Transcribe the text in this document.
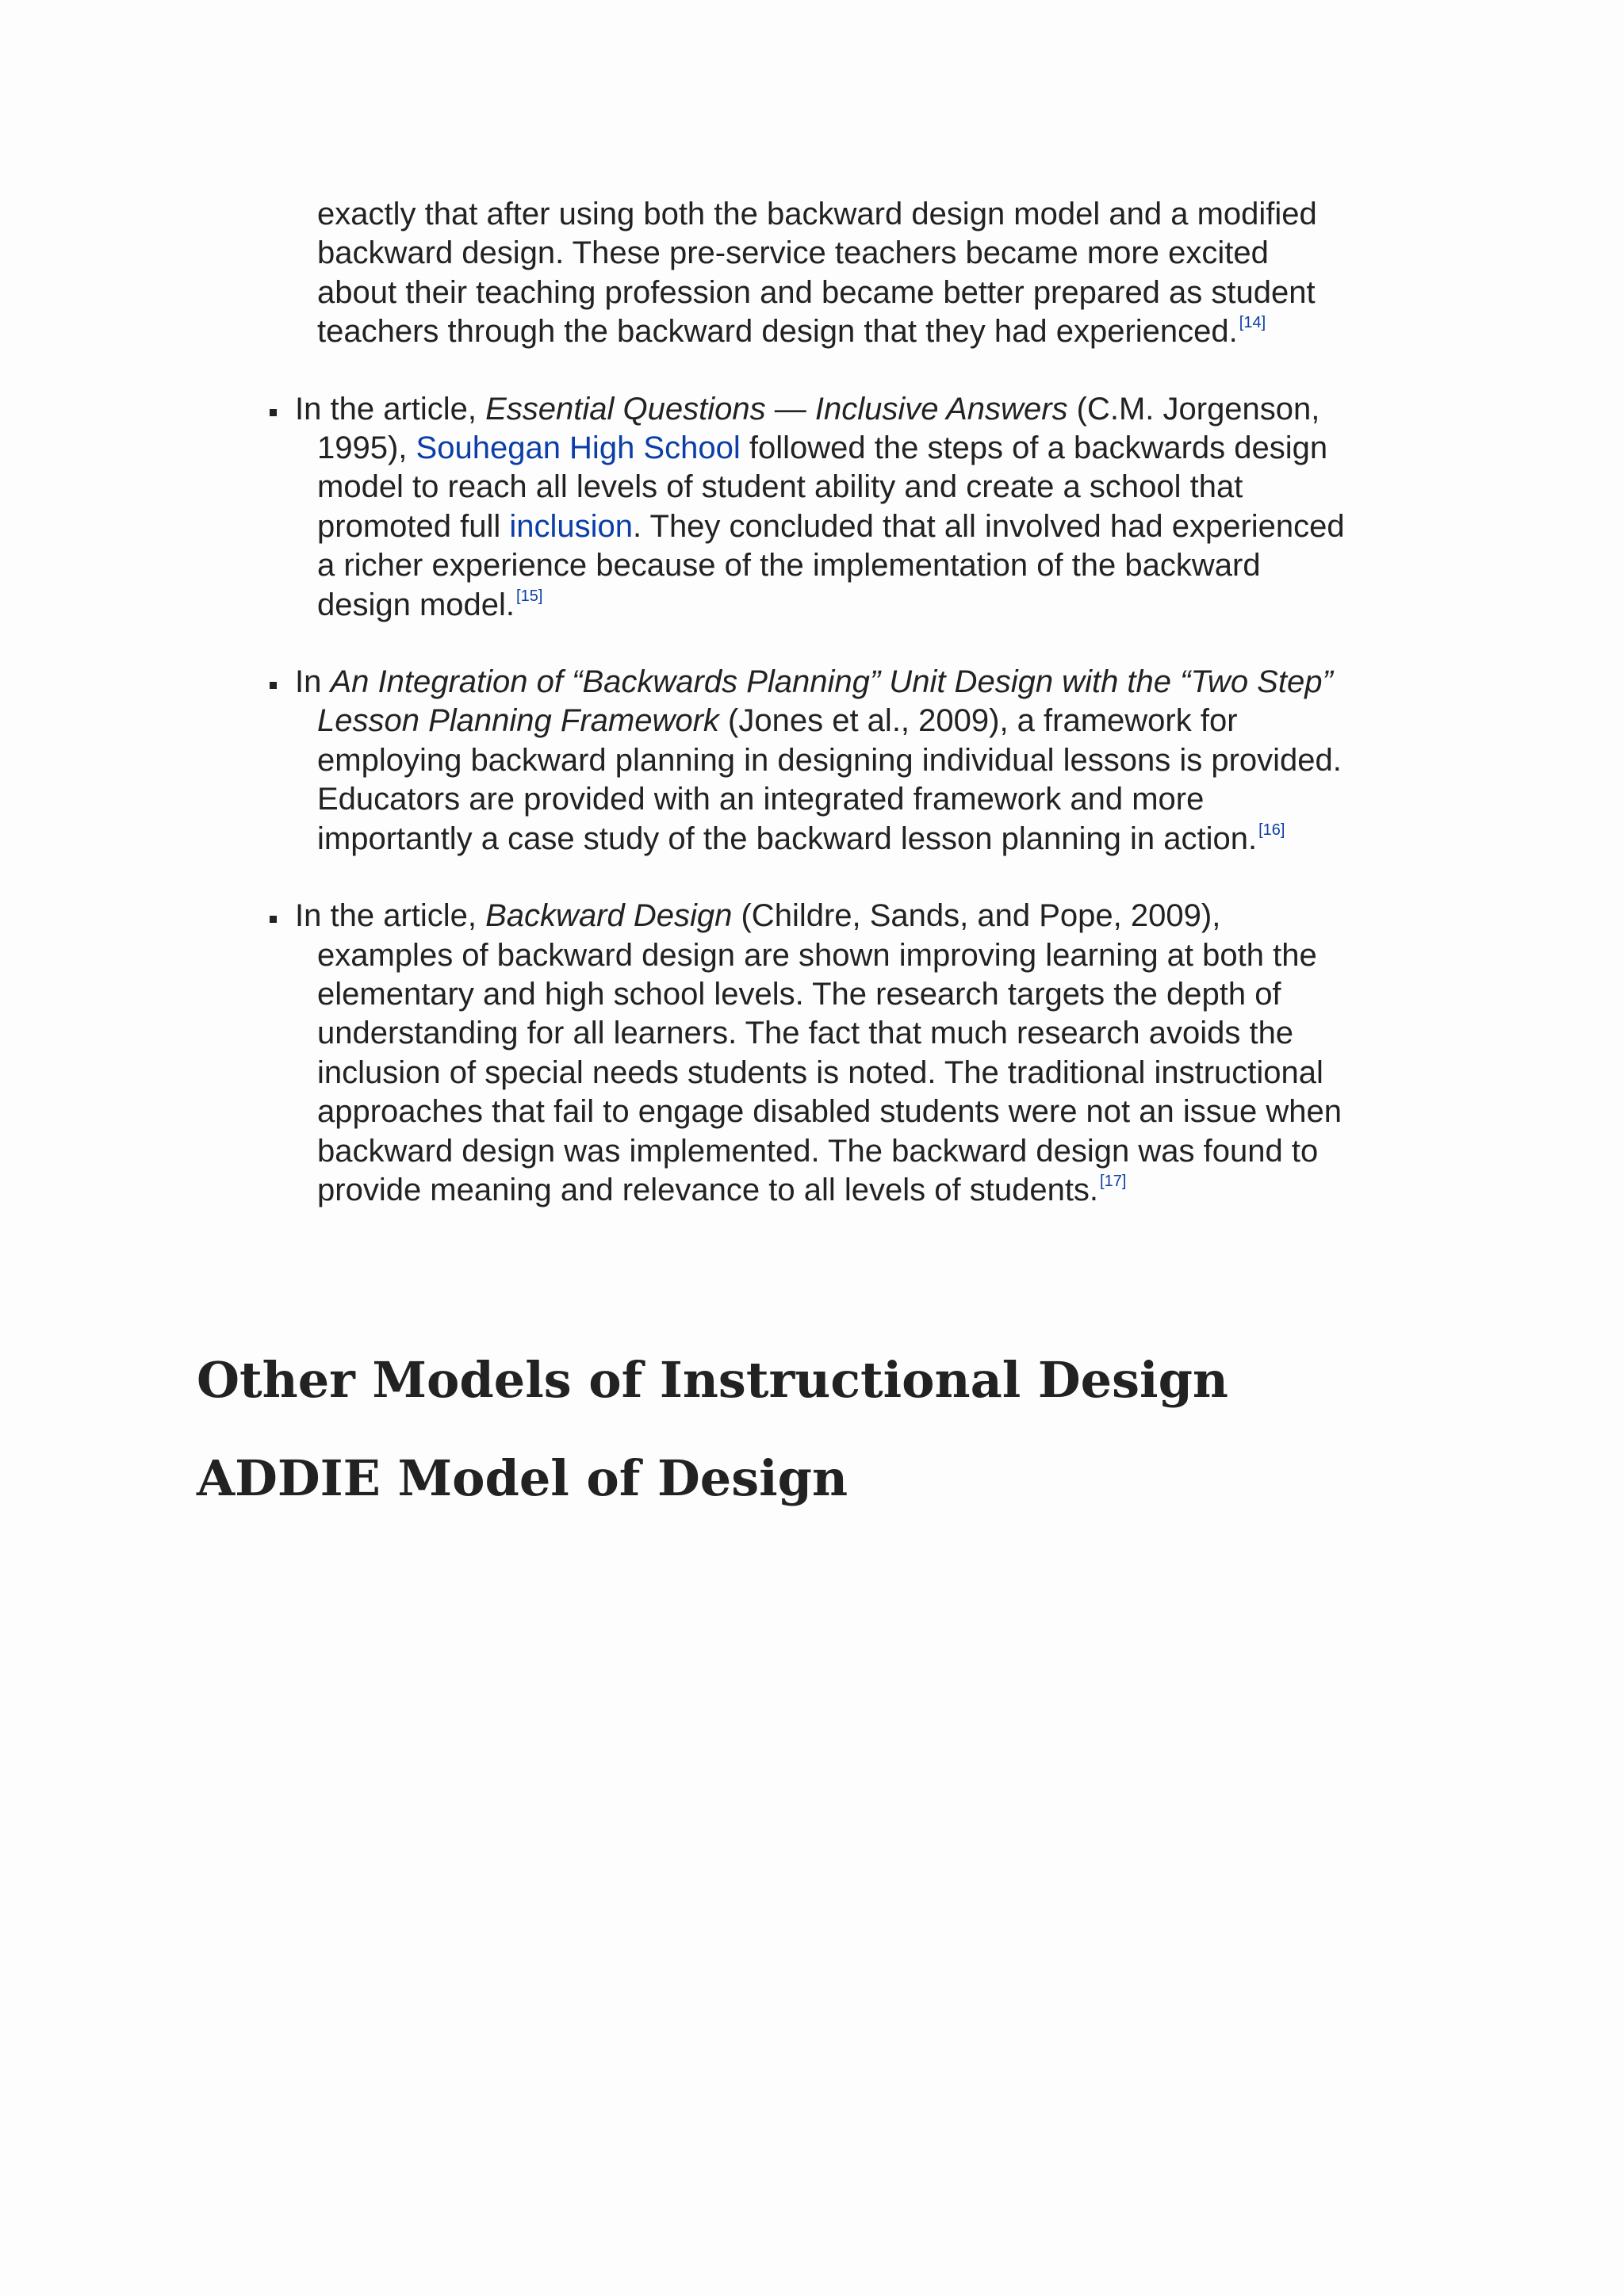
exactly that after using both the backward design model and a modified
backward design. These pre-service teachers became more excited
about their teaching profession and became better prepared as student
teachers through the backward design that they had experienced. [14]
In the article, Essential Questions — Inclusive Answers (C.M. Jorgenson,
1995), Souhegan High School followed the steps of a backwards design
model to reach all levels of student ability and create a school that
promoted full inclusion. They concluded that all involved had experienced
a richer experience because of the implementation of the backward
design model. [15]
In An Integration of “Backwards Planning” Unit Design with the “Two Step”
Lesson Planning Framework (Jones et al., 2009), a framework for
employing backward planning in designing individual lessons is provided.
Educators are provided with an integrated framework and more
importantly a case study of the backward lesson planning in action. [16]
In the article, Backward Design (Childre, Sands, and Pope, 2009),
examples of backward design are shown improving learning at both the
elementary and high school levels. The research targets the depth of
understanding for all learners. The fact that much research avoids the
inclusion of special needs students is noted. The traditional instructional
approaches that fail to engage disabled students were not an issue when
backward design was implemented. The backward design was found to
provide meaning and relevance to all levels of students. [17]
Other Models of Instructional Design
ADDIE Model of Design
